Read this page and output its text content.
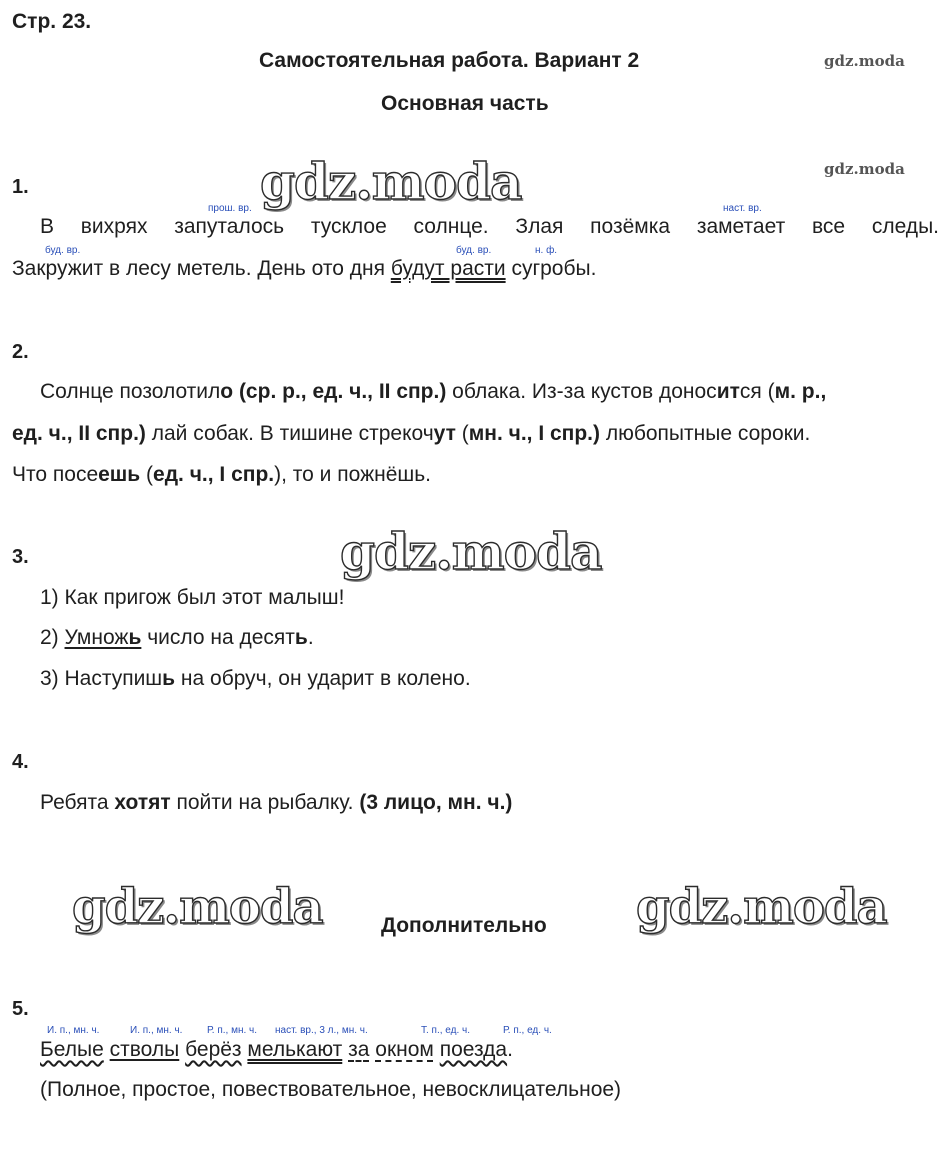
Стр. 23.
Самостоятельная работа. Вариант 2
Основная часть
gdz.moda
gdz.moda
1.	gdz.moda
прош. вр.	наст. вр.
буд. вр.	буд. вр.	н. ф.
В вихрях запуталось тусклое солнце. Злая позёмка заметает все следы.
Закружит в лесу метель. День ото дня будут расти сугробы.
2.
Солнце позолотило (ср. р., ед. ч., II спр.) облака. Из-за кустов доносится (м. р.,
ед. ч., II спр.) лай собак. В тишине стрекочут (мн. ч., I спр.) любопытные сороки.
Что посеешь (ед. ч., I спр.), то и пожнёшь.
3.	gdz.moda
1) Как пригож был этот малыш!
2) Умножь число на десять.
3) Наступишь на обруч, он ударит в колено.
4.
Ребята хотят пойти на рыбалку. (3 лицо, мн. ч.)
gdz.moda	Дополнительно gdz.moda
5.
И. п., мн. ч.	И. п., мн. ч. Р. п., мн. ч. наст. вр., 3 л., мн. ч.	Т. п., ед. ч.	Р. п., ед. ч.
Белые стволы берёз мелькают за окном поезда.
(Полное, простое, повествовательное, невосклицательное)
